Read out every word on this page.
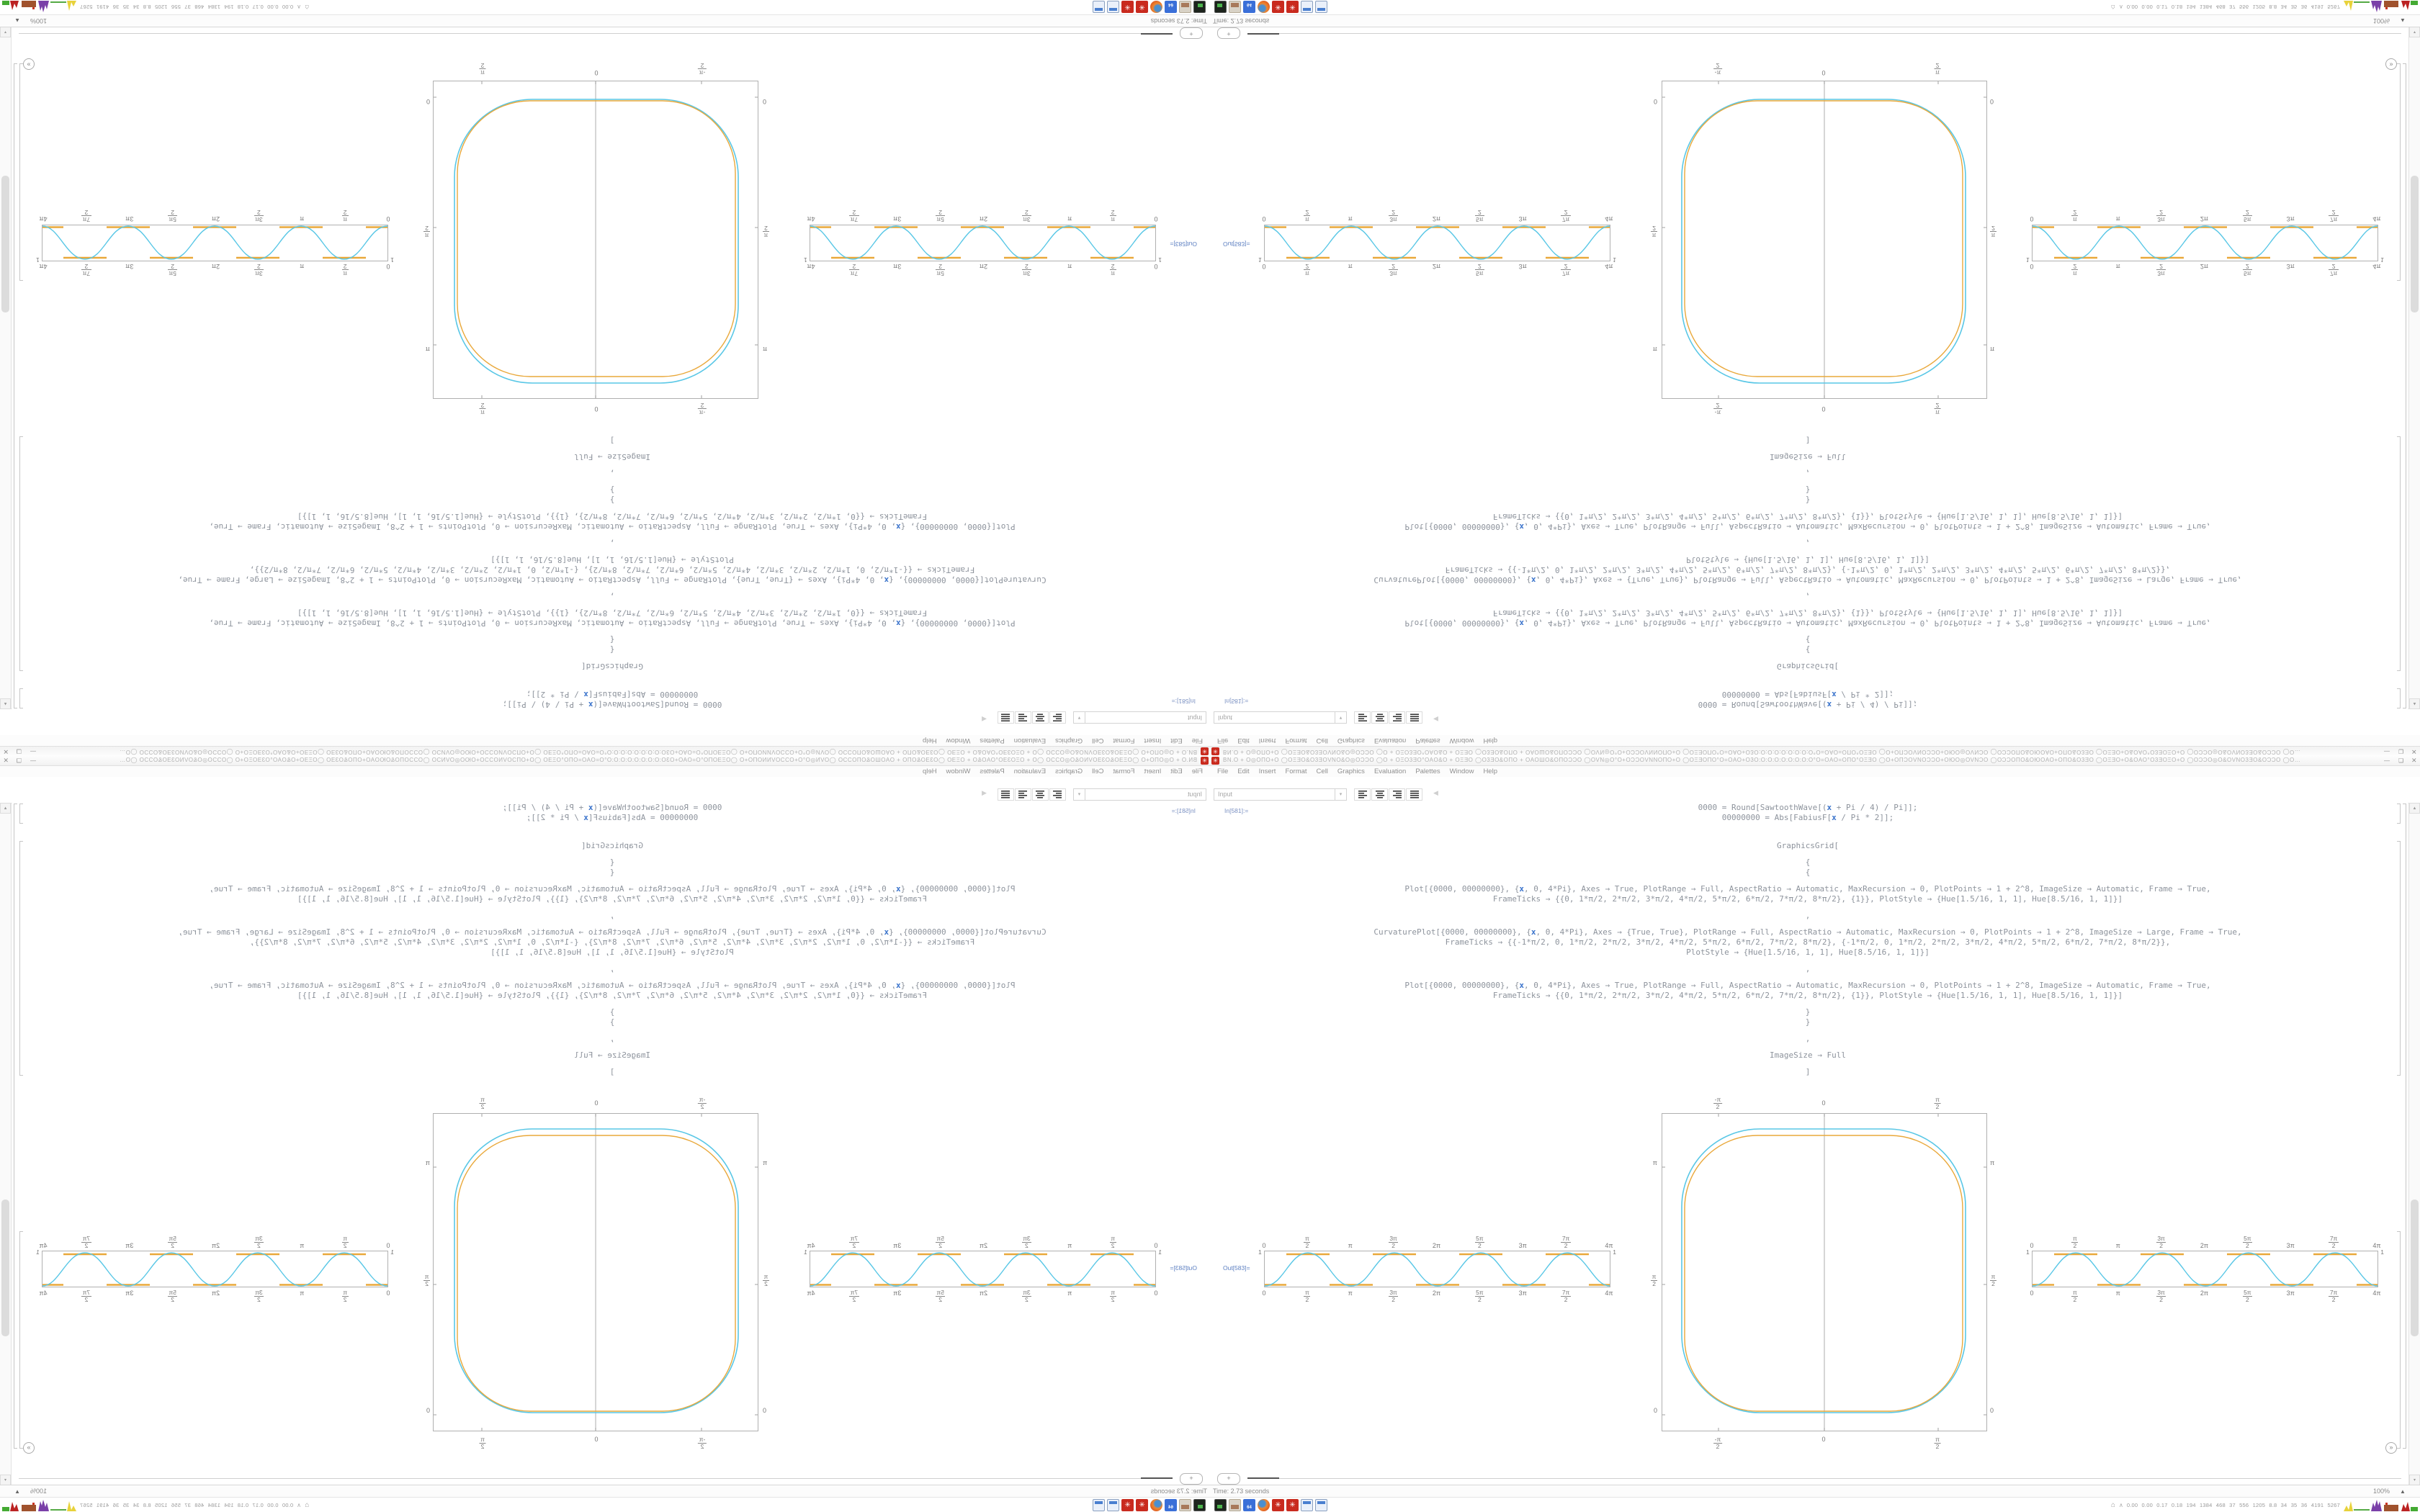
✳
BN.O + O◎OΠO+O ◯OΞƎO&O3ƎOVNO&O◎OƆϽO ◯O + OΞO3ƎO°OΑO&O + OΞƎO ◯O3ƎO&OΠO + OΑOШO&OΠOƆϽO ◯OVN◎O°O+OƆϽOVNNOΠO+O ◯OΞƎOΠO°O=OΑO+O3O:O:O:O:O:O:O:O:O°O=OΑO=OΠO°OΞƎO ◯O+OΠϽOVNOƆϽO+OЮO◎OVNϽO ◯OƆϽOΠO&OЮOΑO+OΠO&O3ƎO ◯OΞƎO+O&OΑO°O3ƎOΞO+O ◯OƆϽO◎O&OVNO3ƎO&OƆϽO ◯O…
—
❏
✕
File
Edit
Insert
Format
Cell
Graphics
Evaluation
Palettes
Window
Help
Input
▾
◀
In[581]:=
0000 = Round[SawtoothWave[(x + Pi / 4) / Pi]];
00000000 = Abs[FabiusF[x / Pi * 2]];
GraphicsGrid[
{
{
Plot[{0000, 00000000}, {x, 0, 4*Pi}, Axes → True, PlotRange → Full, AspectRatio → Automatic, MaxRecursion → 0, PlotPoints → 1 + 2^8, ImageSize → Automatic, Frame → True,
FrameTicks → {{0, 1*π/2, 2*π/2, 3*π/2, 4*π/2, 5*π/2, 6*π/2, 7*π/2, 8*π/2}, {1}}, PlotStyle → {Hue[1.5/16, 1, 1], Hue[8.5/16, 1, 1]}]
,
CurvaturePlot[{0000, 00000000}, {x, 0, 4*Pi}, Axes → {True, True}, PlotRange → Full, AspectRatio → Automatic, MaxRecursion → 0, PlotPoints → 1 + 2^8, ImageSize → Large, Frame → True,
FrameTicks → {{-1*π/2, 0, 1*π/2, 2*π/2, 3*π/2, 4*π/2, 5*π/2, 6*π/2, 7*π/2, 8*π/2}, {-1*π/2, 0, 1*π/2, 2*π/2, 3*π/2, 4*π/2, 5*π/2, 6*π/2, 7*π/2, 8*π/2}},
PlotStyle → {Hue[1.5/16, 1, 1], Hue[8.5/16, 1, 1]}]
,
Plot[{0000, 00000000}, {x, 0, 4*Pi}, Axes → True, PlotRange → Full, AspectRatio → Automatic, MaxRecursion → 0, PlotPoints → 1 + 2^8, ImageSize → Automatic, Frame → True,
FrameTicks → {{0, 1*π/2, 2*π/2, 3*π/2, 4*π/2, 5*π/2, 6*π/2, 7*π/2, 8*π/2}, {1}}, PlotStyle → {Hue[1.5/16, 1, 1], Hue[8.5/16, 1, 1]}]
}
}
,
ImageSize → Full
]
Out[583]=
0
π
2
π
3π
2
2π
5π
2
3π
7π
2
4π
1
1
0
π
2
π
3π
2
2π
5π
2
3π
7π
2
4π
-π
2
0
π
2
π
π
2
0
π
π
2
0
-π
2
0
π
2
0
π
2
π
3π
2
2π
5π
2
3π
7π
2
4π
1
1
0
π
2
π
3π
2
2π
5π
2
3π
7π
2
4π
▲
▾
»
+
Time: 2.73 seconds
100%
▲
64
✳
✳
⌂
∧
0.00 0.00 0.17 0.18 194 1384 468 37 556 1205 8.8 34 35 36 4191 5267
✳ BN.O + O◎OΠO+O ◯OΞƎO&O3ƎOVNO&O◎OƆϽO ◯O + OΞO3ƎO°OΑO&O + OΞƎO ◯O3ƎO&OΠO + OΑOШO&OΠOƆϽO ◯OVN◎O°O+OƆϽOVNNOΠO+O ◯OΞƎOΠO°O=OΑO+O3O:O:O:O:O:O:O:O:O°O=OΑO=OΠO°OΞƎO ◯O+OΠϽOVNOƆϽO+OЮO◎OVNϽO ◯OƆϽOΠO&OЮOΑO+OΠO&O3ƎO ◯OΞƎO+O&OΑO°O3ƎOΞO+O ◯OƆϽO◎O&OVNO3ƎO&OƆϽO ◯O…	— ❏ ✕
File Edit Insert Format Cell Graphics Evaluation Palettes Window Help
Input	▾	◀
In[581]:=	0000 = Round[SawtoothWave[(x + Pi / 4) / Pi]];
00000000 = Abs[FabiusF[x / Pi * 2]];
GraphicsGrid[
{
{
Plot[{0000, 00000000}, {x, 0, 4*Pi}, Axes → True, PlotRange → Full, AspectRatio → Automatic, MaxRecursion → 0, PlotPoints → 1 + 2^8, ImageSize → Automatic, Frame → True,
FrameTicks → {{0, 1*π/2, 2*π/2, 3*π/2, 4*π/2, 5*π/2, 6*π/2, 7*π/2, 8*π/2}, {1}}, PlotStyle → {Hue[1.5/16, 1, 1], Hue[8.5/16, 1, 1]}]
,
CurvaturePlot[{0000, 00000000}, {x, 0, 4*Pi}, Axes → {True, True}, PlotRange → Full, AspectRatio → Automatic, MaxRecursion → 0, PlotPoints → 1 + 2^8, ImageSize → Large, Frame → True,
FrameTicks → {{-1*π/2, 0, 1*π/2, 2*π/2, 3*π/2, 4*π/2, 5*π/2, 6*π/2, 7*π/2, 8*π/2}, {-1*π/2, 0, 1*π/2, 2*π/2, 3*π/2, 4*π/2, 5*π/2, 6*π/2, 7*π/2, 8*π/2}},
PlotStyle → {Hue[1.5/16, 1, 1], Hue[8.5/16, 1, 1]}]
,
Plot[{0000, 00000000}, {x, 0, 4*Pi}, Axes → True, PlotRange → Full, AspectRatio → Automatic, MaxRecursion → 0, PlotPoints → 1 + 2^8, ImageSize → Automatic, Frame → True,
FrameTicks → {{0, 1*π/2, 2*π/2, 3*π/2, 4*π/2, 5*π/2, 6*π/2, 7*π/2, 8*π/2}, {1}}, PlotStyle → {Hue[1.5/16, 1, 1], Hue[8.5/16, 1, 1]}]
}
}
,
ImageSize → Full
]
Out[583]=
0
π
2	π
3π
2	2π
5π
2	3π
7π
2	4π
1	1
0	π
2
π	3π
2
2π	5π
2
3π	7π
2
4π
-π
2	0	π
2
π
π
2
0
π
π
2
0
-π
2
0	π
2
0
π
2	π
3π
2	2π
5π
2	3π
7π
2	4π
1	1
0	π
2
π	3π
2
2π	5π
2
3π	7π
2
4π
▲
▾
»
+
Time: 2.73 seconds	100% ▲
64	✳	✳	⌂ ∧ 0.00 0.00 0.17 0.18 194 1384 468 37 556 1205 8.8 34 35 36 4191 5267
✳
BN.O + O◎OΠO+O ◯OΞƎO&O3ƎOVNO&O◎OƆϽO ◯O + OΞO3ƎO°OΑO&O + OΞƎO ◯O3ƎO&OΠO + OΑOШO&OΠOƆϽO ◯OVN◎O°O+OƆϽOVNNOΠO+O ◯OΞƎOΠO°O=OΑO+O3O:O:O:O:O:O:O:O:O°O=OΑO=OΠO°OΞƎO ◯O+OΠϽOVNOƆϽO+OЮO◎OVNϽO ◯OƆϽOΠO&OЮOΑO+OΠO&O3ƎO ◯OΞƎO+O&OΑO°O3ƎOΞO+O ◯OƆϽO◎O&OVNO3ƎO&OƆϽO ◯O…
—
❏
✕
File
Edit
Insert
Format
Cell
Graphics
Evaluation
Palettes
Window
Help
Input
▾
◀
In[581]:=
0000 = Round[SawtoothWave[(x + Pi / 4) / Pi]];
00000000 = Abs[FabiusF[x / Pi * 2]];
GraphicsGrid[
{
{
Plot[{0000, 00000000}, {x, 0, 4*Pi}, Axes → True, PlotRange → Full, AspectRatio → Automatic, MaxRecursion → 0, PlotPoints → 1 + 2^8, ImageSize → Automatic, Frame → True,
FrameTicks → {{0, 1*π/2, 2*π/2, 3*π/2, 4*π/2, 5*π/2, 6*π/2, 7*π/2, 8*π/2}, {1}}, PlotStyle → {Hue[1.5/16, 1, 1], Hue[8.5/16, 1, 1]}]
,
CurvaturePlot[{0000, 00000000}, {x, 0, 4*Pi}, Axes → {True, True}, PlotRange → Full, AspectRatio → Automatic, MaxRecursion → 0, PlotPoints → 1 + 2^8, ImageSize → Large, Frame → True,
FrameTicks → {{-1*π/2, 0, 1*π/2, 2*π/2, 3*π/2, 4*π/2, 5*π/2, 6*π/2, 7*π/2, 8*π/2}, {-1*π/2, 0, 1*π/2, 2*π/2, 3*π/2, 4*π/2, 5*π/2, 6*π/2, 7*π/2, 8*π/2}},
PlotStyle → {Hue[1.5/16, 1, 1], Hue[8.5/16, 1, 1]}]
,
Plot[{0000, 00000000}, {x, 0, 4*Pi}, Axes → True, PlotRange → Full, AspectRatio → Automatic, MaxRecursion → 0, PlotPoints → 1 + 2^8, ImageSize → Automatic, Frame → True,
FrameTicks → {{0, 1*π/2, 2*π/2, 3*π/2, 4*π/2, 5*π/2, 6*π/2, 7*π/2, 8*π/2}, {1}}, PlotStyle → {Hue[1.5/16, 1, 1], Hue[8.5/16, 1, 1]}]
}
}
,
ImageSize → Full
]
Out[583]=
0
π
2
π
3π
2
2π
5π
2
3π
7π
2
4π
1
1
0
π
2
π
3π
2
2π
5π
2
3π
7π
2
4π
$\frac{-\pi}{2}$
0
$\frac{\pi}{2}$
π
$\frac{\pi}{2}$
0
π
$\frac{\pi}{2}$
0
$\frac{-\pi}{2}$
0
$\frac{\pi}{2}$
0
π
2
π
3π
2
2π
5π
2
3π
7π
2
4π
1
1
0
π
2
π
3π
2
2π
5π
2
3π
7π
2
4π
▲
▾
»
+
Time: 2.73 seconds
100%
▲
64
✳
✳
⌂
∧
0.00 0.00 0.17 0.18 194 1384 468 37 556 1205 8.8 34 35 36 4191 5267
✳ BN.O + O◎OΠO+O ◯OΞƎO&O3ƎOVNO&O◎OƆϽO ◯O + OΞO3ƎO°OΑO&O + OΞƎO ◯O3ƎO&OΠO + OΑOШO&OΠOƆϽO ◯OVN◎O°O+OƆϽOVNNOΠO+O ◯OΞƎOΠO°O=OΑO+O3O:O:O:O:O:O:O:O:O°O=OΑO=OΠO°OΞƎO ◯O+OΠϽOVNOƆϽO+OЮO◎OVNϽO ◯OƆϽOΠO&OЮOΑO+OΠO&O3ƎO ◯OΞƎO+O&OΑO°O3ƎOΞO+O ◯OƆϽO◎O&OVNO3ƎO&OƆϽO ◯O…	— ❏ ✕
File Edit Insert Format Cell Graphics Evaluation Palettes Window Help
Input	▾	◀
In[581]:=	0000 = Round[SawtoothWave[(x + Pi / 4) / Pi]];
00000000 = Abs[FabiusF[x / Pi * 2]];
GraphicsGrid[
{
{
Plot[{0000, 00000000}, {x, 0, 4*Pi}, Axes → True, PlotRange → Full, AspectRatio → Automatic, MaxRecursion → 0, PlotPoints → 1 + 2^8, ImageSize → Automatic, Frame → True,
FrameTicks → {{0, 1*π/2, 2*π/2, 3*π/2, 4*π/2, 5*π/2, 6*π/2, 7*π/2, 8*π/2}, {1}}, PlotStyle → {Hue[1.5/16, 1, 1], Hue[8.5/16, 1, 1]}]
,
CurvaturePlot[{0000, 00000000}, {x, 0, 4*Pi}, Axes → {True, True}, PlotRange → Full, AspectRatio → Automatic, MaxRecursion → 0, PlotPoints → 1 + 2^8, ImageSize → Large, Frame → True,
FrameTicks → {{-1*π/2, 0, 1*π/2, 2*π/2, 3*π/2, 4*π/2, 5*π/2, 6*π/2, 7*π/2, 8*π/2}, {-1*π/2, 0, 1*π/2, 2*π/2, 3*π/2, 4*π/2, 5*π/2, 6*π/2, 7*π/2, 8*π/2}},
PlotStyle → {Hue[1.5/16, 1, 1], Hue[8.5/16, 1, 1]}]
,
Plot[{0000, 00000000}, {x, 0, 4*Pi}, Axes → True, PlotRange → Full, AspectRatio → Automatic, MaxRecursion → 0, PlotPoints → 1 + 2^8, ImageSize → Automatic, Frame → True,
FrameTicks → {{0, 1*π/2, 2*π/2, 3*π/2, 4*π/2, 5*π/2, 6*π/2, 7*π/2, 8*π/2}, {1}}, PlotStyle → {Hue[1.5/16, 1, 1], Hue[8.5/16, 1, 1]}]
}
}
,
ImageSize → Full
]
Out[583]=
0
π
2	π
3π
2	2π
5π
2	3π
7π
2	4π
1	1
0	π
2
π	3π
2
2π	5π
2
3π	7π
2
4π
$\frac{-\pi}{2}$	0	$\frac{\pi}{2}$
π
$\frac{\pi}{2}$
0
π
$\frac{\pi}{2}$
0
$\frac{-\pi}{2}$	0	$\frac{\pi}{2}$
0
π
2	π
3π
2	2π
5π
2	3π
7π
2	4π
1	1
0	π
2
π	3π
2
2π	5π
2
3π	7π
2
4π
▲
▾
»
+
Time: 2.73 seconds	100% ▲
64	✳	✳	⌂ ∧ 0.00 0.00 0.17 0.18 194 1384 468 37 556 1205 8.8 34 35 36 4191 5267
